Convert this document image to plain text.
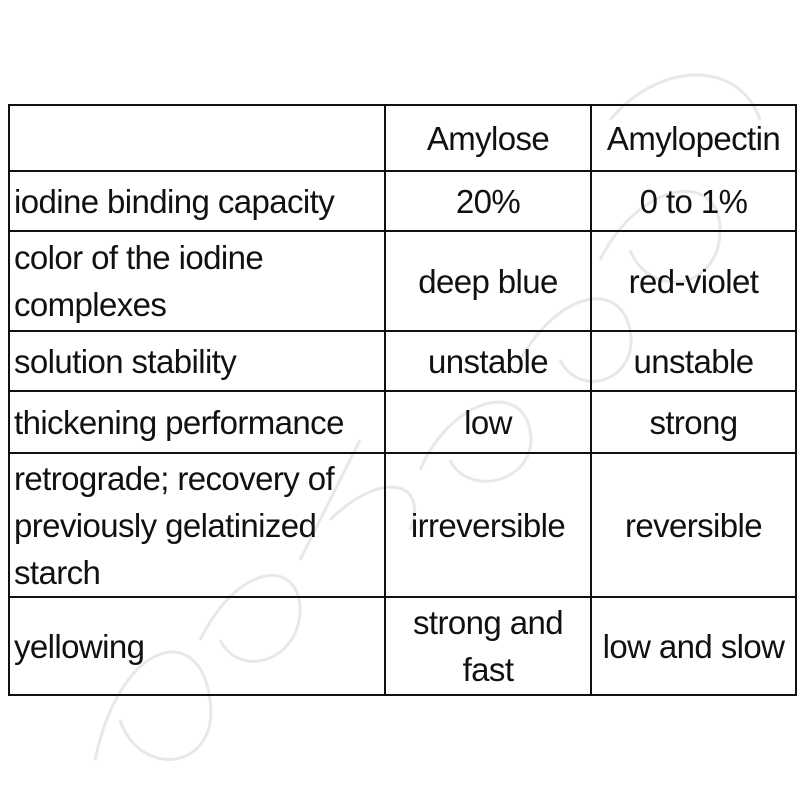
	Amylose	Amylopectin
iodine binding capacity	20%	0 to 1%
color of the iodine complexes	deep blue	red-violet
solution stability	unstable	unstable
thickening performance	low	strong
retrograde; recovery of previously gelatinized starch	irreversible	reversible
yellowing	strong and fast	low and slow
